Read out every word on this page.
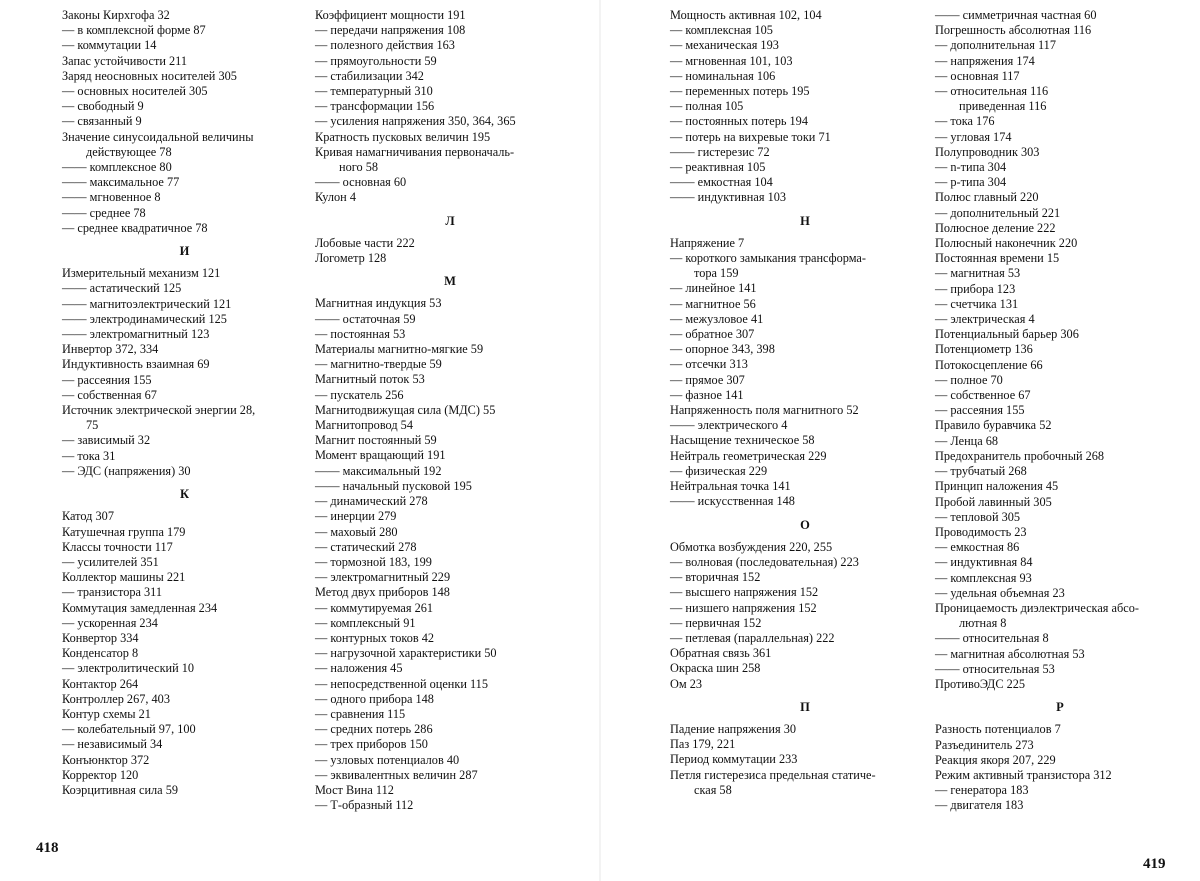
Законы Кирхгофа 32
— в комплексной форме 87
— коммутации 14
Запас устойчивости 211
Заряд неосновных носителей 305
— основных носителей 305
— свободный 9
— связанный 9
Значение синусоидальной величины
действующее 78
—— комплексное 80
—— максимальное 77
—— мгновенное 8
—— среднее 78
— среднее квадратичное 78
И
Измерительный механизм 121
—— астатический 125
—— магнитоэлектрический 121
—— электродинамический 125
—— электромагнитный 123
Инвертор 372, 334
Индуктивность взаимная 69
— рассеяния 155
— собственная 67
Источник электрической энергии 28,
75
— зависимый 32
— тока 31
— ЭДС (напряжения) 30
К
Катод 307
Катушечная группа 179
Классы точности 117
— усилителей 351
Коллектор машины 221
— транзистора 311
Коммутация замедленная 234
— ускоренная 234
Конвертор 334
Конденсатор 8
— электролитический 10
Контактор 264
Контроллер 267, 403
Контур схемы 21
— колебательный 97, 100
— независимый 34
Конъюнктор 372
Корректор 120
Коэрцитивная сила 59
Коэффициент мощности 191
— передачи напряжения 108
— полезного действия 163
— прямоугольности 59
— стабилизации 342
— температурный 310
— трансформации 156
— усиления напряжения 350, 364, 365
Кратность пусковых величин 195
Кривая намагничивания первоначаль-
ного 58
—— основная 60
Кулон 4
Л
Лобовые части 222
Логометр 128
М
Магнитная индукция 53
—— остаточная 59
— постоянная 53
Материалы магнитно-мягкие 59
— магнитно-твердые 59
Магнитный поток 53
— пускатель 256
Магнитодвижущая сила (МДС) 55
Магнитопровод 54
Магнит постоянный 59
Момент вращающий 191
—— максимальный 192
—— начальный пусковой 195
— динамический 278
— инерции 279
— маховый 280
— статический 278
— тормозной 183, 199
— электромагнитный 229
Метод двух приборов 148
— коммутируемая 261
— комплексный 91
— контурных токов 42
— нагрузочной характеристики 50
— наложения 45
— непосредственной оценки 115
— одного прибора 148
— сравнения 115
— средних потерь 286
— трех приборов 150
— узловых потенциалов 40
— эквивалентных величин 287
Мост Вина 112
— Т-образный 112
418
Мощность активная 102, 104
— комплексная 105
— механическая 193
— мгновенная 101, 103
— номинальная 106
— переменных потерь 195
— полная 105
— постоянных потерь 194
— потерь на вихревые токи 71
—— гистерезис 72
— реактивная 105
—— емкостная 104
—— индуктивная 103
Н
Напряжение 7
— короткого замыкания трансформа-
тора 159
— линейное 141
— магнитное 56
— межузловое 41
— обратное 307
— опорное 343, 398
— отсечки 313
— прямое 307
— фазное 141
Напряженность поля магнитного 52
—— электрического 4
Насыщение техническое 58
Нейтраль геометрическая 229
— физическая 229
Нейтральная точка 141
—— искусственная 148
О
Обмотка возбуждения 220, 255
— волновая (последовательная) 223
— вторичная 152
— высшего напряжения 152
— низшего напряжения 152
— первичная 152
— петлевая (параллельная) 222
Обратная связь 361
Окраска шин 258
Ом 23
П
Падение напряжения 30
Паз 179, 221
Период коммутации 233
Петля гистерезиса предельная статиче-
ская 58
—— симметричная частная 60
Погрешность абсолютная 116
— дополнительная 117
— напряжения 174
— основная 117
— относительная 116
приведенная 116
— тока 176
— угловая 174
Полупроводник 303
— n-типа 304
— p-типа 304
Полюс главный 220
— дополнительный 221
Полюсное деление 222
Полюсный наконечник 220
Постоянная времени 15
— магнитная 53
— прибора 123
— счетчика 131
— электрическая 4
Потенциальный барьер 306
Потенциометр 136
Потокосцепление 66
— полное 70
— собственное 67
— рассеяния 155
Правило буравчика 52
— Ленца 68
Предохранитель пробочный 268
— трубчатый 268
Принцип наложения 45
Пробой лавинный 305
— тепловой 305
Проводимость 23
— емкостная 86
— индуктивная 84
— комплексная 93
— удельная объемная 23
Проницаемость диэлектрическая абсо-
лютная 8
—— относительная 8
— магнитная абсолютная 53
—— относительная 53
ПротивоЭДС 225
Р
Разность потенциалов 7
Разъединитель 273
Реакция якоря 207, 229
Режим активный транзистора 312
— генератора 183
— двигателя 183
419
